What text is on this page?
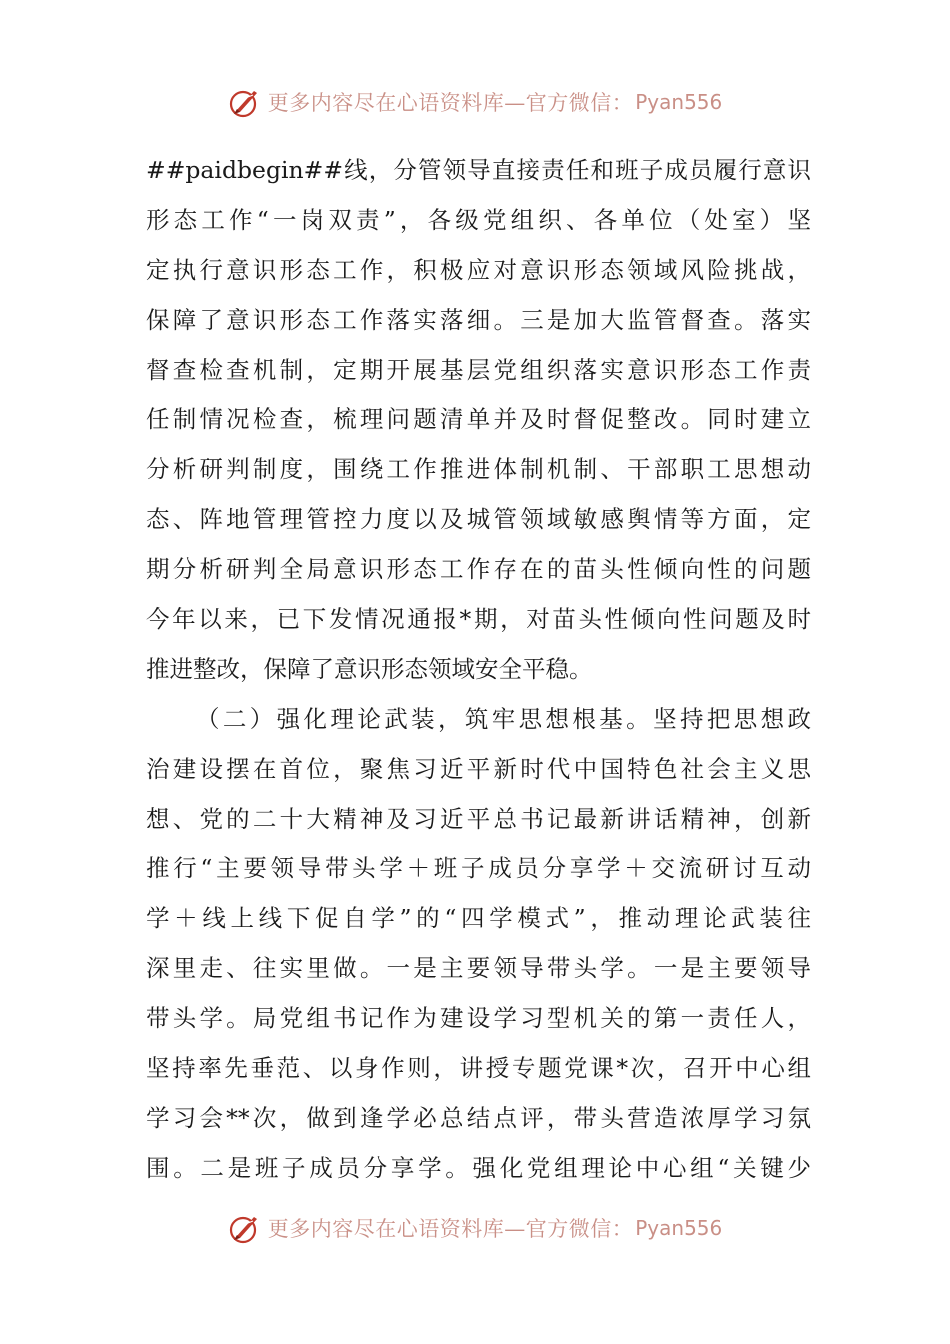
更多内容尽在心语资料库—官方微信： Pyan556
##paidbegin##线，分管领导直接责任和班子成员履行意识
形态工作“一岗双责”，各级党组织、各单位（处室）坚
定执行意识形态工作，积极应对意识形态领域风险挑战，
保障了意识形态工作落实落细。三是加大监管督查。落实
督查检查机制，定期开展基层党组织落实意识形态工作责
任制情况检查，梳理问题清单并及时督促整改。同时建立
分析研判制度，围绕工作推进体制机制、干部职工思想动
态、阵地管理管控力度以及城管领域敏感舆情等方面，定
期分析研判全局意识形态工作存在的苗头性倾向性的问题
今年以来，已下发情况通报*期，对苗头性倾向性问题及时
推进整改，保障了意识形态领域安全平稳。
（二）强化理论武装，筑牢思想根基。坚持把思想政
治建设摆在首位，聚焦习近平新时代中国特色社会主义思
想、党的二十大精神及习近平总书记最新讲话精神，创新
推行“主要领导带头学＋班子成员分享学＋交流研讨互动
学＋线上线下促自学”的“四学模式”，推动理论武装往
深里走、往实里做。一是主要领导带头学。一是主要领导
带头学。局党组书记作为建设学习型机关的第一责任人，
坚持率先垂范、以身作则，讲授专题党课*次，召开中心组
学习会**次，做到逢学必总结点评，带头营造浓厚学习氛
围。二是班子成员分享学。强化党组理论中心组“关键少
更多内容尽在心语资料库—官方微信： Pyan556
